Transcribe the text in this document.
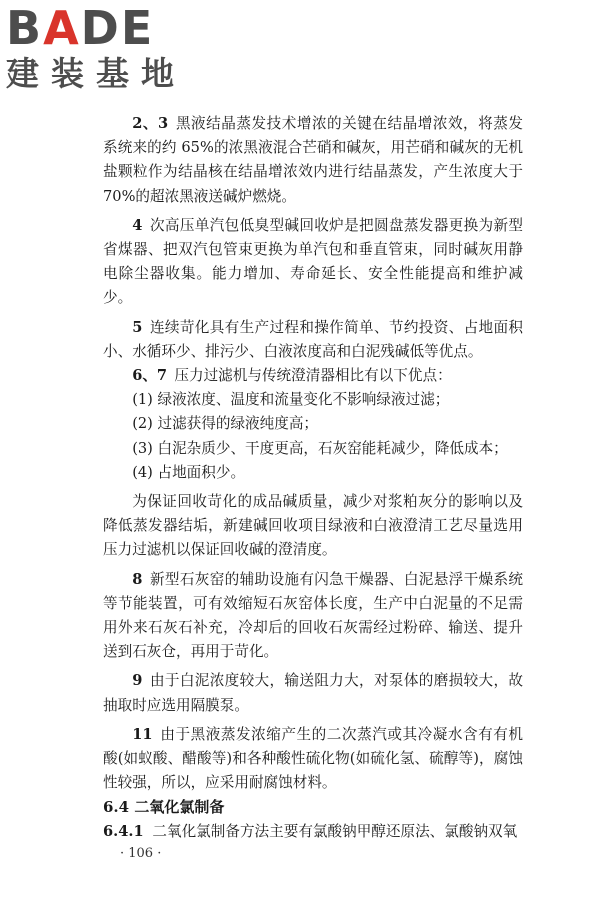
BADE
建装基地

2、3 黑液结晶蒸发技术增浓的关键在结晶增浓效，将蒸发系统来的约 65%的浓黑液混合芒硝和碱灰，用芒硝和碱灰的无机盐颗粒作为结晶核在结晶增浓效内进行结晶蒸发，产生浓度大于 70%的超浓黑液送碱炉燃烧。

4 次高压单汽包低臭型碱回收炉是把圆盘蒸发器更换为新型省煤器、把双汽包管束更换为单汽包和垂直管束，同时碱灰用静电除尘器收集。能力增加、寿命延长、安全性能提高和维护减少。

5 连续苛化具有生产过程和操作简单、节约投资、占地面积小、水循环少、排污少、白液浓度高和白泥残碱低等优点。

6、7 压力过滤机与传统澄清器相比有以下优点：

(1) 绿液浓度、温度和流量变化不影响绿液过滤；

(2) 过滤获得的绿液纯度高；

(3) 白泥杂质少、干度更高，石灰窑能耗减少，降低成本；

(4) 占地面积少。

为保证回收苛化的成品碱质量，减少对浆粕灰分的影响以及降低蒸发器结垢，新建碱回收项目绿液和白液澄清工艺尽量选用压力过滤机以保证回收碱的澄清度。

8 新型石灰窑的辅助设施有闪急干燥器、白泥悬浮干燥系统等节能装置，可有效缩短石灰窑体长度，生产中白泥量的不足需用外来石灰石补充，冷却后的回收石灰需经过粉碎、输送、提升送到石灰仓，再用于苛化。

9 由于白泥浓度较大，输送阻力大，对泵体的磨损较大，故抽取时应选用隔膜泵。

11 由于黑液蒸发浓缩产生的二次蒸汽或其冷凝水含有有机酸(如蚁酸、醋酸等)和各种酸性硫化物(如硫化氢、硫醇等)，腐蚀性较强，所以，应采用耐腐蚀材料。

6.4 二氧化氯制备

6.4.1 二氧化氯制备方法主要有氯酸钠甲醇还原法、氯酸钠双氧

· 106 ·
